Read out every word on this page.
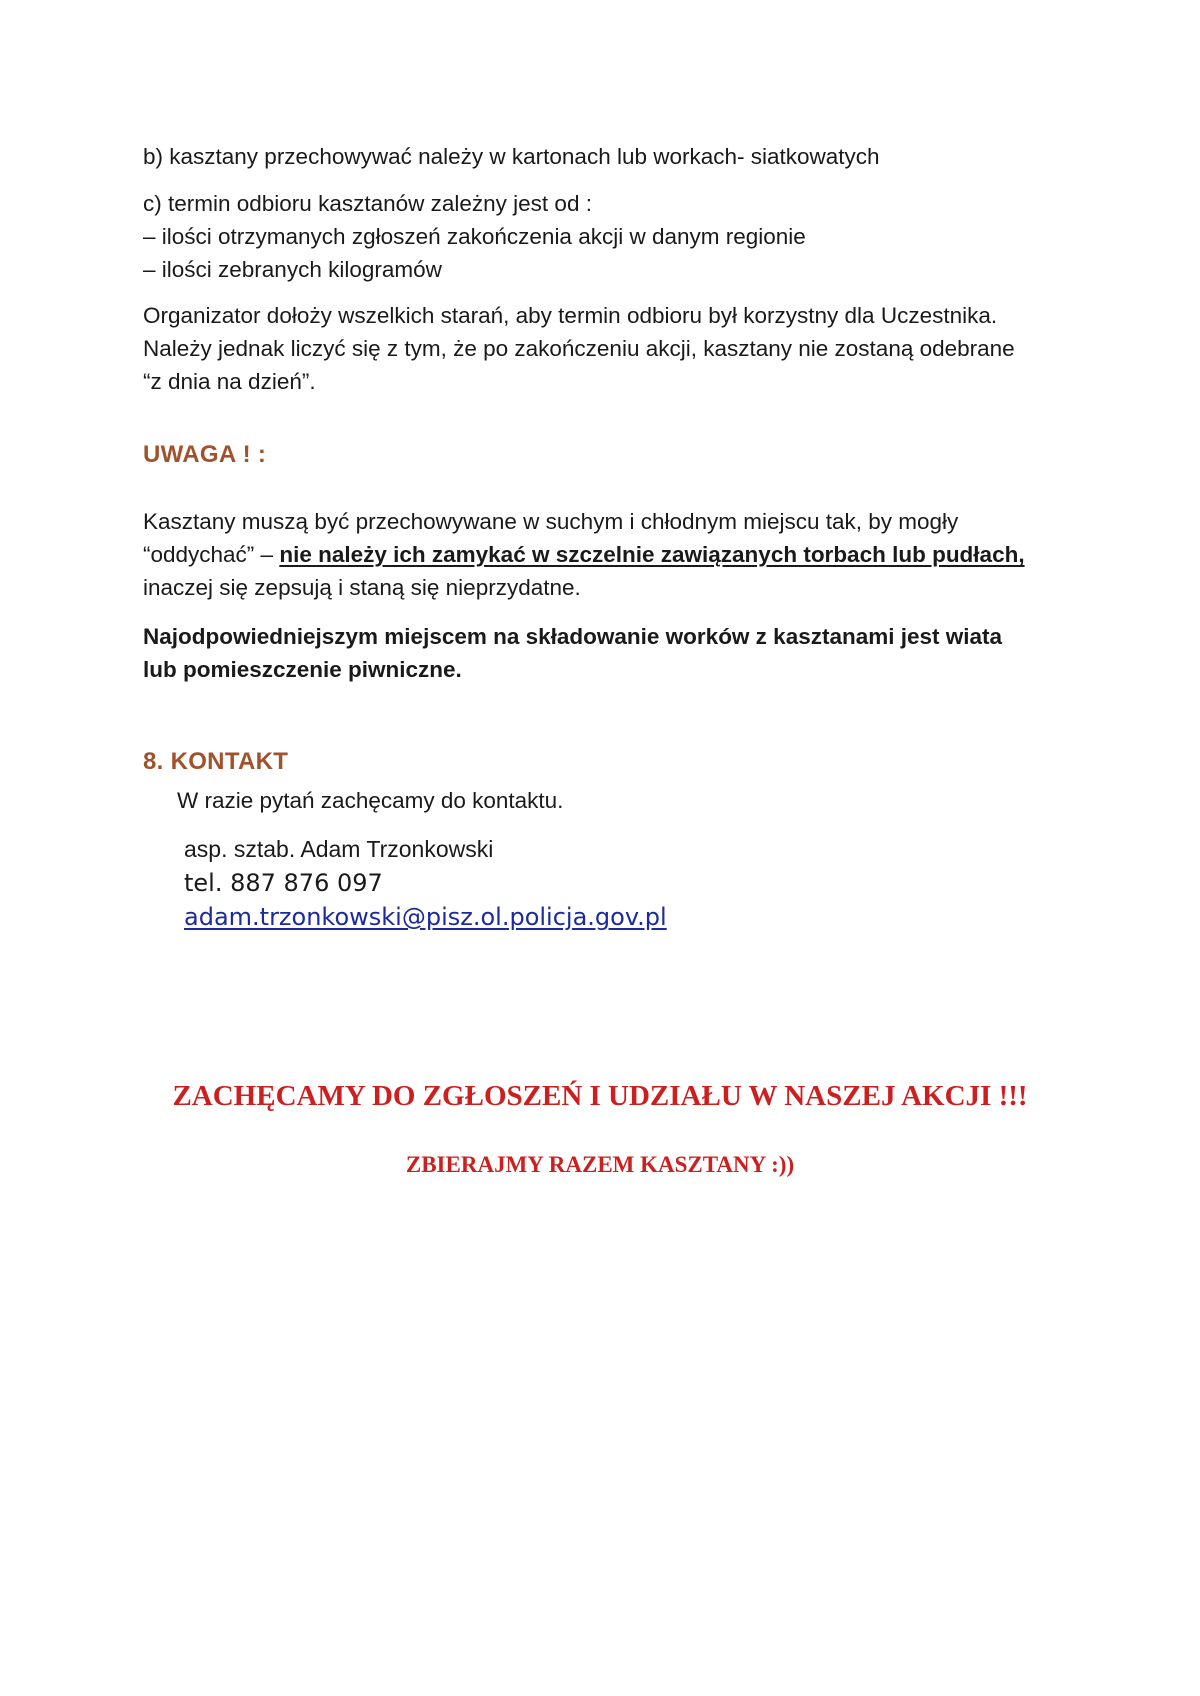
b) kasztany przechowywać należy w kartonach lub workach- siatkowatych

c) termin odbioru kasztanów zależny jest od :
– ilości otrzymanych zgłoszeń zakończenia akcji w danym regionie
– ilości zebranych kilogramów

Organizator dołoży wszelkich starań, aby termin odbioru był korzystny dla Uczestnika.
Należy jednak liczyć się z tym, że po zakończeniu akcji, kasztany nie zostaną odebrane
“z dnia na dzień”.

UWAGA ! :

Kasztany muszą być przechowywane w suchym i chłodnym miejscu tak, by mogły
“oddychać” – nie należy ich zamykać w szczelnie zawiązanych torbach lub pudłach,
inaczej się zepsują i staną się nieprzydatne.

Najodpowiedniejszym miejscem na składowanie worków z kasztanami jest wiata
lub pomieszczenie piwniczne.

8. KONTAKT

W razie pytań zachęcamy do kontaktu.

asp. sztab. Adam Trzonkowski
tel. 887 876 097
adam.trzonkowski@pisz.ol.policja.gov.pl

ZACHĘCAMY DO ZGŁOSZEŃ I UDZIAŁU W NASZEJ AKCJI !!!

ZBIERAJMY RAZEM KASZTANY :))
